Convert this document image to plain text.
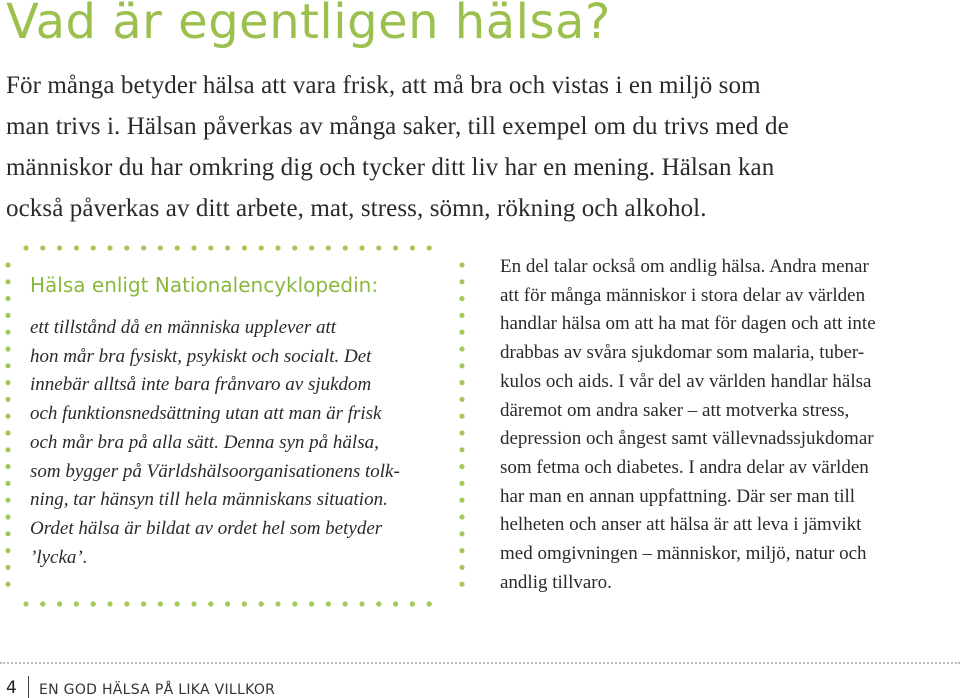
Vad är egentligen hälsa?
För många betyder hälsa att vara frisk, att må bra och vistas i en miljö som
man trivs i. Hälsan påverkas av många saker, till exempel om du trivs med de
människor du har omkring dig och tycker ditt liv har en mening. Hälsan kan
också påverkas av ditt arbete, mat, stress, sömn, rökning och alkohol.
Hälsa enligt Nationalencyklopedin:
ett tillstånd då en människa upplever att
hon mår bra fysiskt, psykiskt och socialt. Det
innebär alltså inte bara frånvaro av sjukdom
och funktionsnedsättning utan att man är frisk
och mår bra på alla sätt. Denna syn på hälsa,
som bygger på Världshälsoorganisationens tolk-
ning, tar hänsyn till hela människans situation.
Ordet hälsa är bildat av ordet hel som betyder
’lycka’.
En del talar också om andlig hälsa. Andra menar
att för många människor i stora delar av världen
handlar hälsa om att ha mat för dagen och att inte
drabbas av svåra sjukdomar som malaria, tuber-
kulos och aids. I vår del av världen handlar hälsa
däremot om andra saker – att motverka stress,
depression och ångest samt vällevnadssjukdomar
som fetma och diabetes. I andra delar av världen
har man en annan uppfattning. Där ser man till
helheten och anser att hälsa är att leva i jämvikt
med omgivningen – människor, miljö, natur och
andlig tillvaro.
4 EN GOD HÄLSA PÅ LIKA VILLKOR
